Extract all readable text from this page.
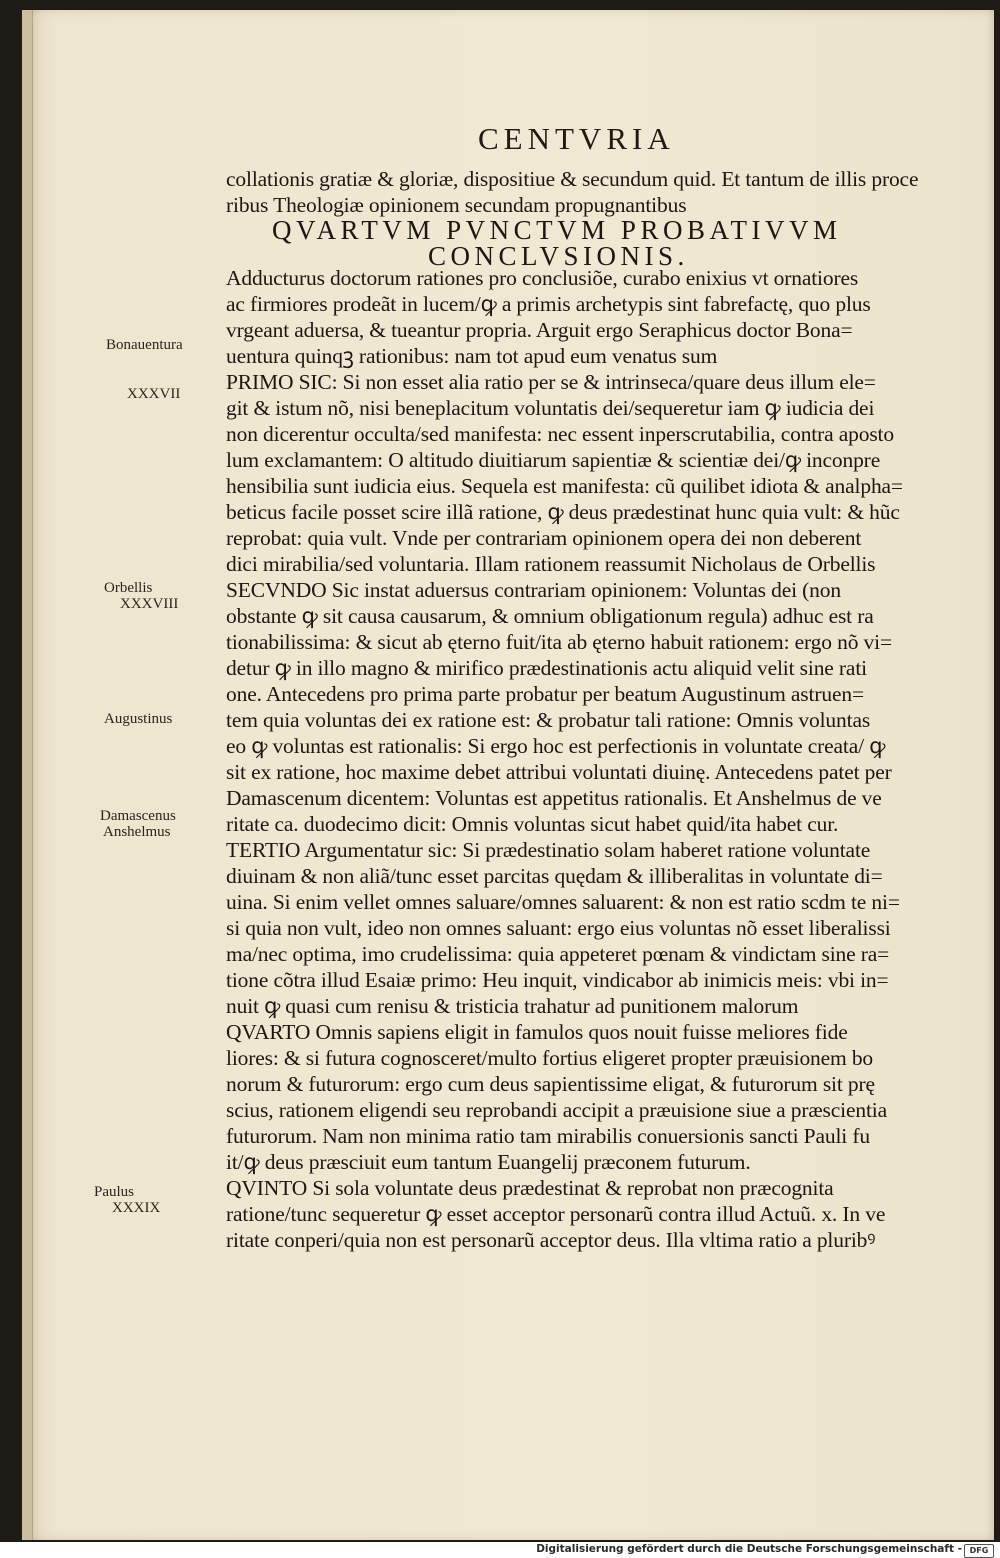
CENTVRIA
collationis gratiæ & gloriæ, dispositiue & secundum quid. Et tantum de illis proce
ribus Theologiæ opinionem secundam propugnantibus
QVARTVM PVNCTVM PROBATIVVM
CONCLVSIONIS.
Adducturus doctorum rationes pro conclusiõe, curabo enixius vt ornatiores
ac firmiores prodeãt in lucem/ꝙ a primis archetypis sint fabrefactę, quo plus
vrgeant aduersa, & tueantur propria. Arguit ergo Seraphicus doctor Bona=
uentura quinqꝫ rationibus: nam tot apud eum venatus sum
PRIMO SIC: Si non esset alia ratio per se & intrinseca/quare deus illum ele=
git & istum nõ, nisi beneplacitum voluntatis dei/sequeretur iam ꝙ iudicia dei
non dicerentur occulta/sed manifesta: nec essent inperscrutabilia, contra aposto
lum exclamantem: O altitudo diuitiarum sapientiæ & scientiæ dei/ꝙ inconpre
hensibilia sunt iudicia eius. Sequela est manifesta: cũ quilibet idiota & analpha=
beticus facile posset scire illã ratione, ꝙ deus prædestinat hunc quia vult: & hũc
reprobat: quia vult. Vnde per contrariam opinionem opera dei non deberent
dici mirabilia/sed voluntaria. Illam rationem reassumit Nicholaus de Orbellis
SECVNDO Sic instat aduersus contrariam opinionem: Voluntas dei (non
obstante ꝙ sit causa causarum, & omnium obligationum regula) adhuc est ra
tionabilissima: & sicut ab ęterno fuit/ita ab ęterno habuit rationem: ergo nõ vi=
detur ꝙ in illo magno & mirifico prædestinationis actu aliquid velit sine rati
one. Antecedens pro prima parte probatur per beatum Augustinum astruen=
tem quia voluntas dei ex ratione est: & probatur tali ratione: Omnis voluntas
eo ꝙ voluntas est rationalis: Si ergo hoc est perfectionis in voluntate creata/ ꝙ
sit ex ratione, hoc maxime debet attribui voluntati diuinę. Antecedens patet per
Damascenum dicentem: Voluntas est appetitus rationalis. Et Anshelmus de ve
ritate ca. duodecimo dicit: Omnis voluntas sicut habet quid/ita habet cur.
TERTIO Argumentatur sic: Si prædestinatio solam haberet ratione voluntate
diuinam & non aliã/tunc esset parcitas quędam & illiberalitas in voluntate di=
uina. Si enim vellet omnes saluare/omnes saluarent: & non est ratio scdm te ni=
si quia non vult, ideo non omnes saluant: ergo eius voluntas nõ esset liberalissi
ma/nec optima, imo crudelissima: quia appeteret pœnam & vindictam sine ra=
tione cõtra illud Esaiæ primo: Heu inquit, vindicabor ab inimicis meis: vbi in=
nuit ꝙ quasi cum renisu & tristicia trahatur ad punitionem malorum
QVARTO Omnis sapiens eligit in famulos quos nouit fuisse meliores fide
liores: & si futura cognosceret/multo fortius eligeret propter præuisionem bo
norum & futurorum: ergo cum deus sapientissime eligat, & futurorum sit prę
scius, rationem eligendi seu reprobandi accipit a præuisione siue a præscientia
futurorum. Nam non minima ratio tam mirabilis conuersionis sancti Pauli fu
it/ꝙ deus præsciuit eum tantum Euangelij præconem futurum.
QVINTO Si sola voluntate deus prædestinat & reprobat non præcognita
ratione/tunc sequeretur ꝙ esset acceptor personarũ contra illud Actuũ. x. In ve
ritate conperi/quia non est personarũ acceptor deus. Illa vltima ratio a pluribꝰ
Bonauentura
XXXVII
Orbellis
XXXVIII
Augustinus
Damascenus
Anshelmus
Paulus
XXXIX
Digitalisierung gefördert durch die Deutsche Forschungsgemeinschaft - DFG
